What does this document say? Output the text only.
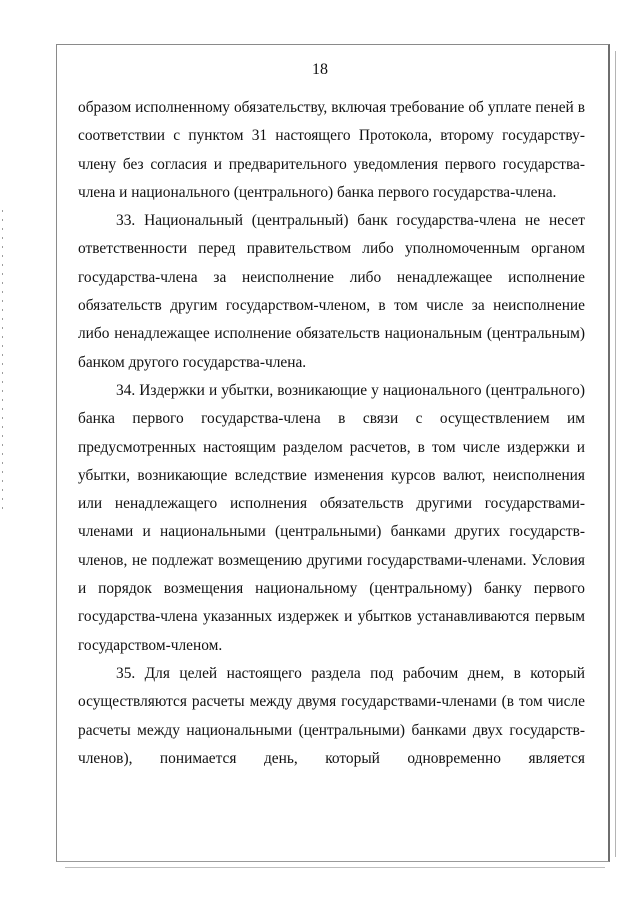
18

образом исполненному обязательству, включая требование об уплате пеней в соответствии с пунктом 31 настоящего Протокола, второму государству-члену без согласия и предварительного уведомления первого государства-члена и национального (центрального) банка первого государства-члена.

33. Национальный (центральный) банк государства-члена не несет ответственности перед правительством либо уполномоченным органом государства-члена за неисполнение либо ненадлежащее исполнение обязательств другим государством-членом, в том числе за неисполнение либо ненадлежащее исполнение обязательств национальным (центральным) банком другого государства-члена.

34. Издержки и убытки, возникающие у национального (центрального) банка первого государства-члена в связи с осуществлением им предусмотренных настоящим разделом расчетов, в том числе издержки и убытки, возникающие вследствие изменения курсов валют, неисполнения или ненадлежащего исполнения обязательств другими государствами-членами и национальными (центральными) банками других государств-членов, не подлежат возмещению другими государствами-членами. Условия и порядок возмещения национальному (центральному) банку первого государства-члена указанных издержек и убытков устанавливаются первым государством-членом.

35. Для целей настоящего раздела под рабочим днем, в который осуществляются расчеты между двумя государствами-членами (в том числе расчеты между национальными (центральными) банками двух государств-членов), понимается день, который одновременно является
